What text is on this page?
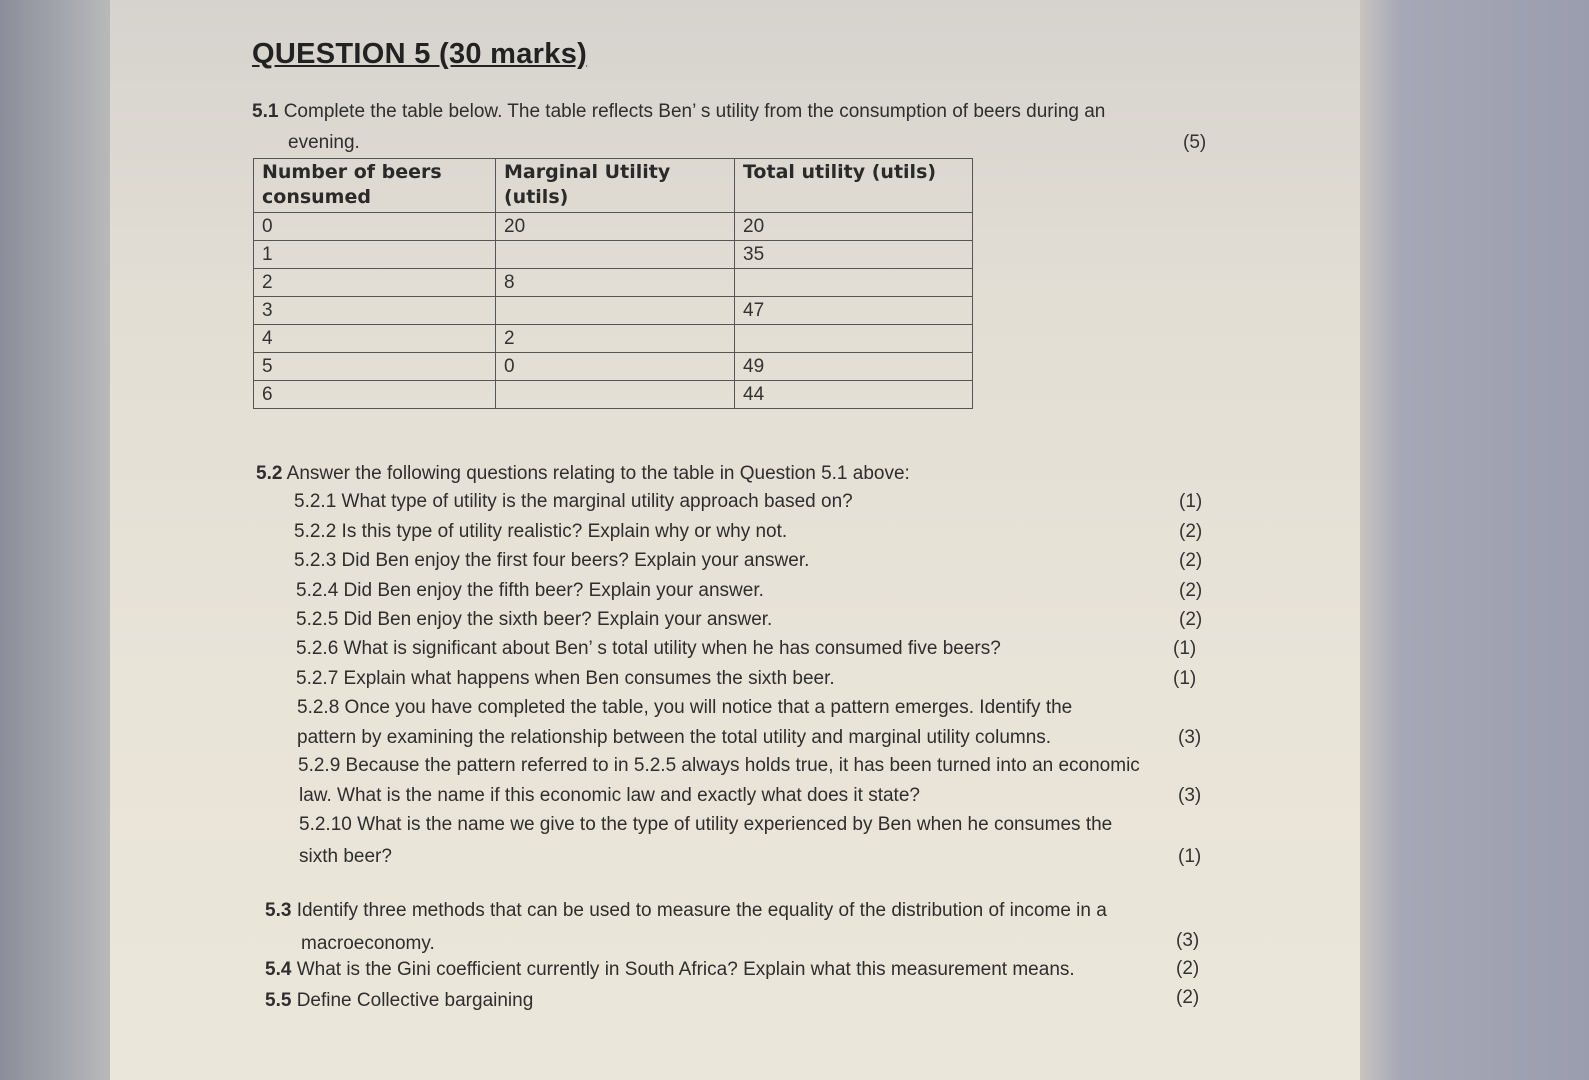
QUESTION 5 (30 marks)
5.1 Complete the table below. The table reflects Ben’ s utility from the consumption of beers during an
evening.	(5)
Number of beers consumed	Marginal Utility (utils)	Total utility (utils)
0	20	20
1		35
2	8	
3		47
4	2	
5	0	49
6		44
5.2 Answer the following questions relating to the table in Question 5.1 above:
5.2.1 What type of utility is the marginal utility approach based on?	(1)
5.2.2 Is this type of utility realistic? Explain why or why not.	(2)
5.2.3 Did Ben enjoy the first four beers? Explain your answer.	(2)
5.2.4 Did Ben enjoy the fifth beer? Explain your answer.	(2)
5.2.5 Did Ben enjoy the sixth beer? Explain your answer.	(2)
5.2.6 What is significant about Ben’ s total utility when he has consumed five beers?	(1)
5.2.7 Explain what happens when Ben consumes the sixth beer.	(1)
5.2.8 Once you have completed the table, you will notice that a pattern emerges. Identify the
pattern by examining the relationship between the total utility and marginal utility columns.	(3)
5.2.9 Because the pattern referred to in 5.2.5 always holds true, it has been turned into an economic
law. What is the name if this economic law and exactly what does it state?	(3)
5.2.10 What is the name we give to the type of utility experienced by Ben when he consumes the
sixth beer?	(1)
5.3 Identify three methods that can be used to measure the equality of the distribution of income in a
macroeconomy.	(3)
5.4 What is the Gini coefficient currently in South Africa? Explain what this measurement means.	(2)
5.5 Define Collective bargaining	(2)
